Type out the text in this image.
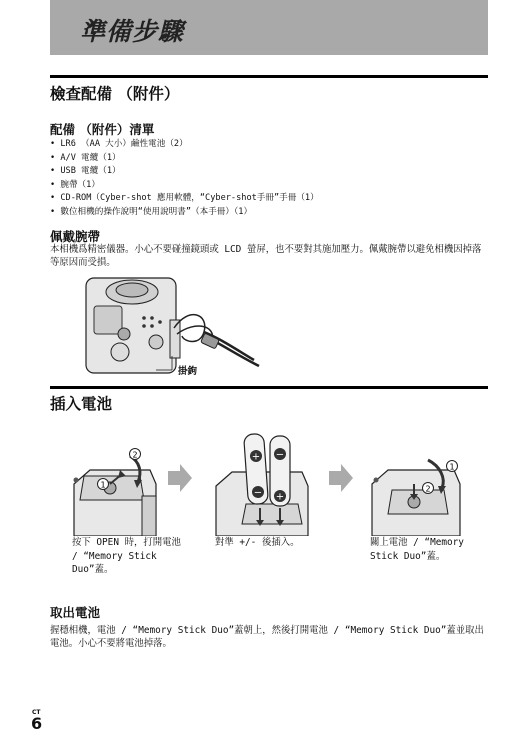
準備步驟
檢查配備 （附件）
配備 （附件）清單
• LR6 （AA 大小）鹼性電池（2）
• A/V 電纜（1）
• USB 電纜（1）
• 腕帶（1）
• CD-ROM（Cyber-shot 應用軟體，“Cyber-shot手冊”手冊（1）
• 數位相機的操作說明“使用說明書”（本手冊）（1）
佩戴腕帶
本相機爲精密儀器。小心不要碰撞鏡頭或 LCD 螢屏，也不要對其施加壓力。佩戴腕帶以避免相機因掉落等原因而受損。
掛鉤
插入電池
2
1
+
−
−
+
1
2
按下 OPEN 時，打開電池 / “Memory Stick Duo”蓋。
對準 +/- 後插入。	關上電池 / “Memory Stick Duo”蓋。
取出電池
握穩相機，電池 / “Memory Stick Duo”蓋朝上，然後打開電池 / “Memory Stick Duo”蓋並取出電池。小心不要將電池掉落。
CT
6
